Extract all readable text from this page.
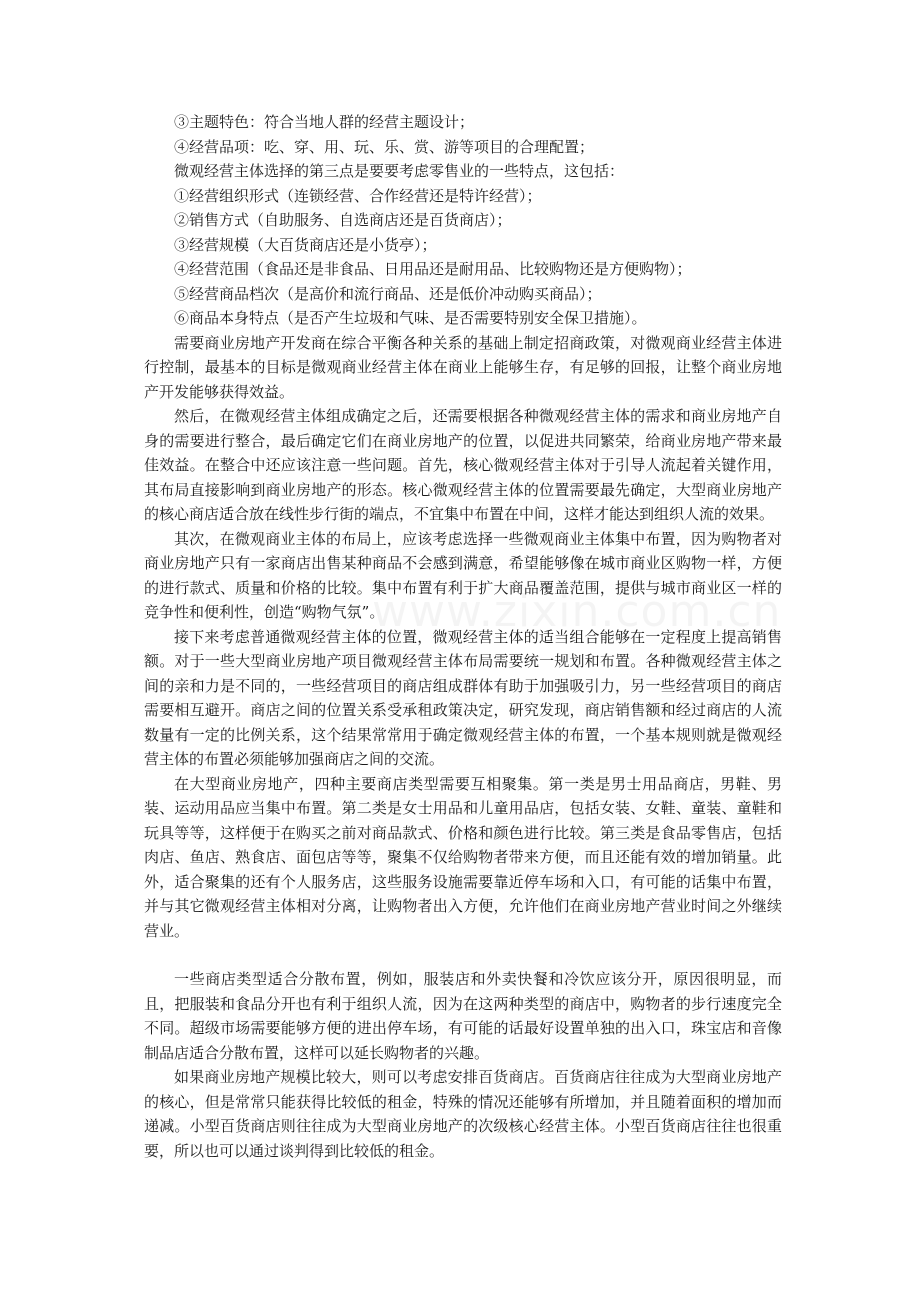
③主题特色：符合当地人群的经营主题设计；

④经营品项：吃、穿、用、玩、乐、赏、游等项目的合理配置；

微观经营主体选择的第三点是要要考虑零售业的一些特点，这包括：

①经营组织形式（连锁经营、合作经营还是特许经营）；

②销售方式（自助服务、自选商店还是百货商店）；

③经营规模（大百货商店还是小货亭）；

④经营范围（食品还是非食品、日用品还是耐用品、比较购物还是方便购物）；

⑤经营商品档次（是高价和流行商品、还是低价冲动购买商品）；

⑥商品本身特点（是否产生垃圾和气味、是否需要特别安全保卫措施）。

需要商业房地产开发商在综合平衡各种关系的基础上制定招商政策，对微观商业经营主体进行控制，最基本的目标是微观商业经营主体在商业上能够生存，有足够的回报，让整个商业房地产开发能够获得效益。

然后，在微观经营主体组成确定之后，还需要根据各种微观经营主体的需求和商业房地产自身的需要进行整合，最后确定它们在商业房地产的位置，以促进共同繁荣，给商业房地产带来最佳效益。在整合中还应该注意一些问题。首先，核心微观经营主体对于引导人流起着关键作用，其布局直接影响到商业房地产的形态。核心微观经营主体的位置需要最先确定，大型商业房地产的核心商店适合放在线性步行街的端点，不宜集中布置在中间，这样才能达到组织人流的效果。

其次，在微观商业主体的布局上，应该考虑选择一些微观商业主体集中布置，因为购物者对商业房地产只有一家商店出售某种商品不会感到满意，希望能够像在城市商业区购物一样，方便的进行款式、质量和价格的比较。集中布置有利于扩大商品覆盖范围，提供与城市商业区一样的竞争性和便利性，创造“购物气氛”。

接下来考虑普通微观经营主体的位置，微观经营主体的适当组合能够在一定程度上提高销售额。对于一些大型商业房地产项目微观经营主体布局需要统一规划和布置。各种微观经营主体之间的亲和力是不同的，一些经营项目的商店组成群体有助于加强吸引力，另一些经营项目的商店需要相互避开。商店之间的位置关系受承租政策决定，研究发现，商店销售额和经过商店的人流数量有一定的比例关系，这个结果常常用于确定微观经营主体的布置，一个基本规则就是微观经营主体的布置必须能够加强商店之间的交流。

在大型商业房地产，四种主要商店类型需要互相聚集。第一类是男士用品商店，男鞋、男装、运动用品应当集中布置。第二类是女士用品和儿童用品店，包括女装、女鞋、童装、童鞋和玩具等等，这样便于在购买之前对商品款式、价格和颜色进行比较。第三类是食品零售店，包括肉店、鱼店、熟食店、面包店等等，聚集不仅给购物者带来方便，而且还能有效的增加销量。此外，适合聚集的还有个人服务店，这些服务设施需要靠近停车场和入口，有可能的话集中布置，并与其它微观经营主体相对分离，让购物者出入方便，允许他们在商业房地产营业时间之外继续营业。

一些商店类型适合分散布置，例如，服装店和外卖快餐和冷饮应该分开，原因很明显，而且，把服装和食品分开也有利于组织人流，因为在这两种类型的商店中，购物者的步行速度完全不同。超级市场需要能够方便的进出停车场，有可能的话最好设置单独的出入口，珠宝店和音像制品店适合分散布置，这样可以延长购物者的兴趣。

如果商业房地产规模比较大，则可以考虑安排百货商店。百货商店往往成为大型商业房地产的核心，但是常常只能获得比较低的租金，特殊的情况还能够有所增加，并且随着面积的增加而递减。小型百货商店则往往成为大型商业房地产的次级核心经营主体。小型百货商店往往也很重要，所以也可以通过谈判得到比较低的租金。
